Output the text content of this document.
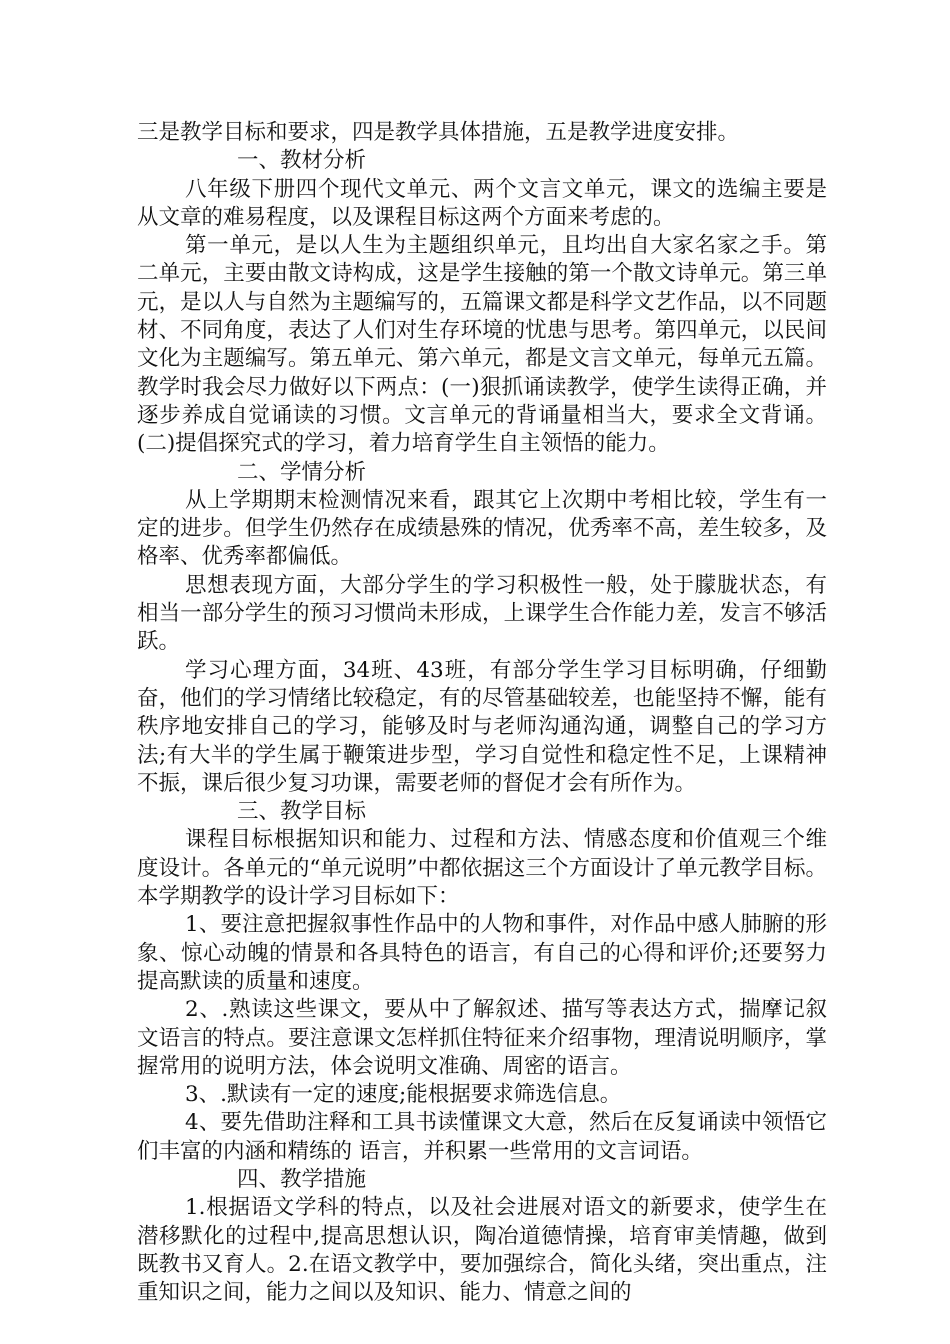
三是教学目标和要求，四是教学具体措施，五是教学进度安排。

一、教材分析

八年级下册四个现代文单元、两个文言文单元，课文的选编主要是从文章的难易程度，以及课程目标这两个方面来考虑的。

第一单元，是以人生为主题组织单元，且均出自大家名家之手。第二单元，主要由散文诗构成，这是学生接触的第一个散文诗单元。第三单元，是以人与自然为主题编写的，五篇课文都是科学文艺作品，以不同题材、不同角度，表达了人们对生存环境的忧患与思考。第四单元，以民间文化为主题编写。第五单元、第六单元，都是文言文单元，每单元五篇。教学时我会尽力做好以下两点：(一)狠抓诵读教学，使学生读得正确，并逐步养成自觉诵读的习惯。文言单元的背诵量相当大，要求全文背诵。(二)提倡探究式的学习，着力培育学生自主领悟的能力。

二、学情分析

从上学期期末检测情况来看，跟其它上次期中考相比较，学生有一定的进步。但学生仍然存在成绩悬殊的情况，优秀率不高，差生较多，及格率、优秀率都偏低。

思想表现方面，大部分学生的学习积极性一般，处于朦胧状态，有相当一部分学生的预习习惯尚未形成，上课学生合作能力差，发言不够活跃。

学习心理方面，34班、43班，有部分学生学习目标明确，仔细勤奋，他们的学习情绪比较稳定，有的尽管基础较差，也能坚持不懈，能有秩序地安排自己的学习，能够及时与老师沟通沟通，调整自己的学习方法;有大半的学生属于鞭策进步型，学习自觉性和稳定性不足，上课精神不振，课后很少复习功课，需要老师的督促才会有所作为。

三、教学目标

课程目标根据知识和能力、过程和方法、情感态度和价值观三个维度设计。各单元的“单元说明”中都依据这三个方面设计了单元教学目标。本学期教学的设计学习目标如下：

1、要注意把握叙事性作品中的人物和事件，对作品中感人肺腑的形象、惊心动魄的情景和各具特色的语言，有自己的心得和评价;还要努力提高默读的质量和速度。

2、.熟读这些课文，要从中了解叙述、描写等表达方式，揣摩记叙文语言的特点。要注意课文怎样抓住特征来介绍事物，理清说明顺序，掌握常用的说明方法，体会说明文准确、周密的语言。

3、.默读有一定的速度;能根据要求筛选信息。

4、要先借助注释和工具书读懂课文大意，然后在反复诵读中领悟它们丰富的内涵和精练的 语言，并积累一些常用的文言词语。

四、教学措施

1.根据语文学科的特点，以及社会进展对语文的新要求，使学生在潜移默化的过程中,提高思想认识，陶冶道德情操，培育审美情趣，做到既教书又育人。2.在语文教学中，要加强综合，简化头绪，突出重点，注重知识之间，能力之间以及知识、能力、情意之间的
